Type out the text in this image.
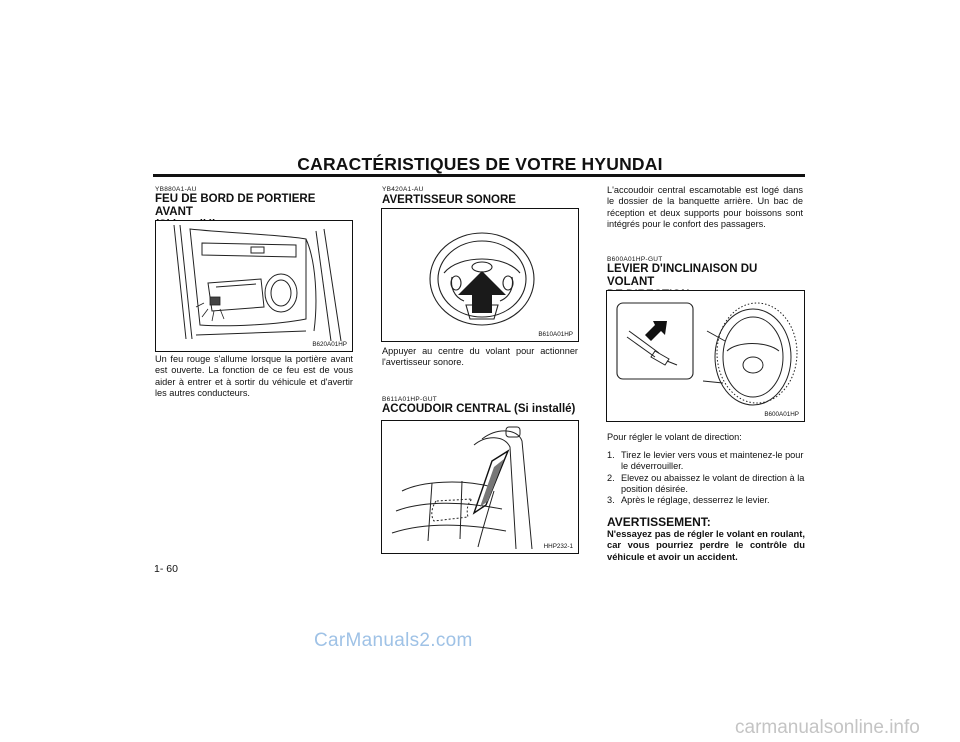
CARACTÉRISTIQUES DE VOTRE HYUNDAI
YB880A1-AU
FEU DE BORD DE PORTIERE AVANT
B620A01HP
Un feu rouge s'allume lorsque la portière avant est ouverte. La fonction de ce feu est de vous aider à entrer et à sortir du véhicule et d'avertir les autres conducteurs.
YB420A1-AU
AVERTISSEUR SONORE
B610A01HP
Appuyer au centre du volant pour actionner l'avertisseur sonore.
B611A01HP-GUT
ACCOUDOIR CENTRAL (Si installé)
HHP232-1
L'accoudoir central escamotable est logé dans le dossier de la banquette arrière. Un bac de réception et deux supports pour boissons sont intégrés pour le confort des passagers.
B600A01HP-GUT
LEVIER D'INCLINAISON DU VOLANT
B600A01HP
Pour régler le volant de direction:
1. Tirez le levier vers vous et maintenez-le pour le déverrouiller.
2. Elevez ou abaissez le volant de direction à la position désirée.
3. Après le réglage, desserrez le levier.
AVERTISSEMENT:
N'essayez pas de régler le volant en roulant, car vous pourriez perdre le contrôle du véhicule et avoir un accident.
1- 60
CarManuals2.com
carmanualsonline.info
